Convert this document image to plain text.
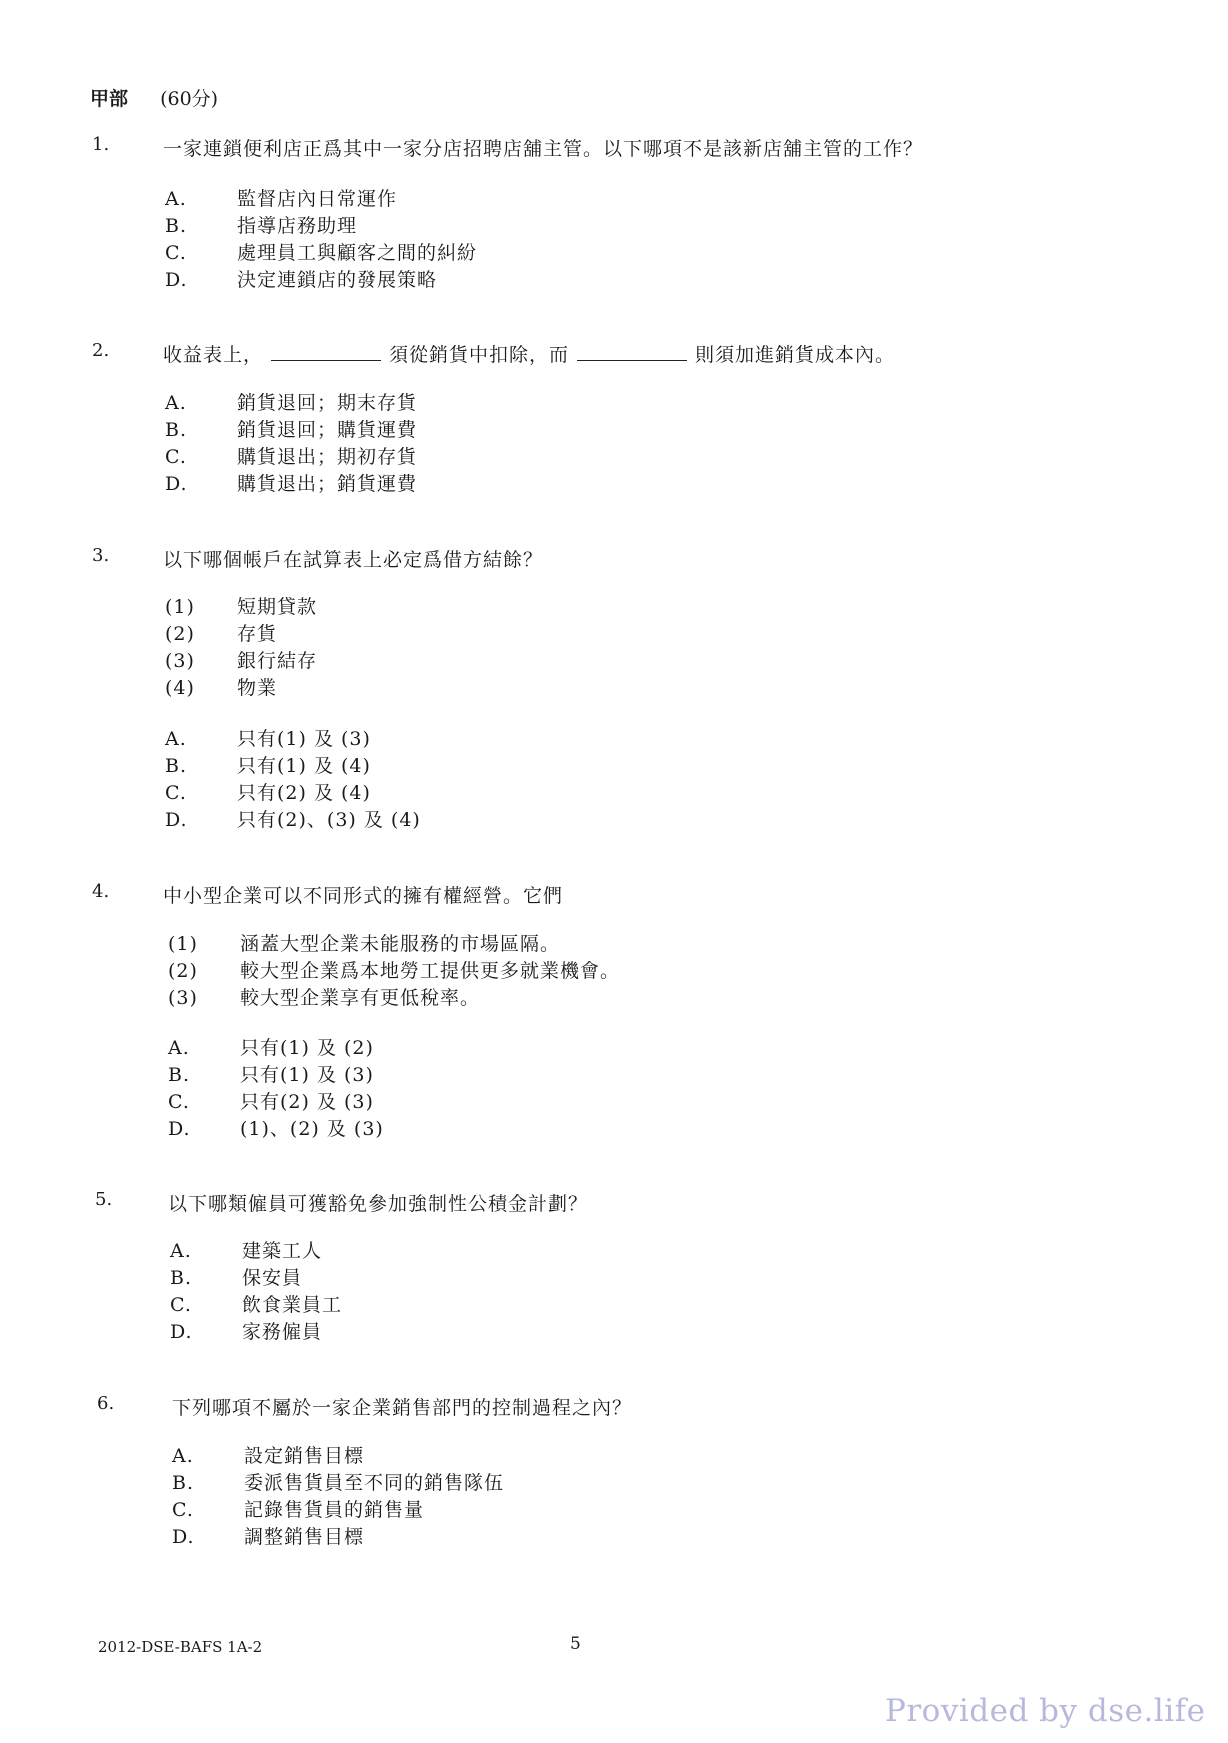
甲部 (60分)
1.	一家連鎖便利店正爲其中一家分店招聘店舖主管。以下哪項不是該新店舖主管的工作？
A.	監督店內日常運作
B.	指導店務助理
C.	處理員工與顧客之間的糾紛
D.	決定連鎖店的發展策略
2.	收益表上，	須從銷貨中扣除，而	則須加進銷貨成本內。
A.	銷貨退回；期末存貨
B.	銷貨退回；購貨運費
C.	購貨退出；期初存貨
D.	購貨退出；銷貨運費
3.	以下哪個帳戶在試算表上必定爲借方結餘？
(1) 短期貸款
(2) 存貨
(3) 銀行結存
(4) 物業
A.	只有(1) 及 (3)
B.	只有(1) 及 (4)
C.	只有(2) 及 (4)
D.	只有(2)、(3) 及 (4)
4.	中小型企業可以不同形式的擁有權經營。它們
(1) 涵蓋大型企業未能服務的市場區隔。
(2) 較大型企業爲本地勞工提供更多就業機會。
(3) 較大型企業享有更低稅率。
A.	只有(1) 及 (2)
B.	只有(1) 及 (3)
C.	只有(2) 及 (3)
D.	(1)、(2) 及 (3)
5.	以下哪類僱員可獲豁免參加強制性公積金計劃？
A.	建築工人
B.	保安員
C.	飲食業員工
D.	家務僱員
6.	下列哪項不屬於一家企業銷售部門的控制過程之內？
A.	設定銷售目標
B.	委派售貨員至不同的銷售隊伍
C.	記錄售貨員的銷售量
D.	調整銷售目標
2012-DSE-BAFS 1A-2	5
Provided by dse.life
